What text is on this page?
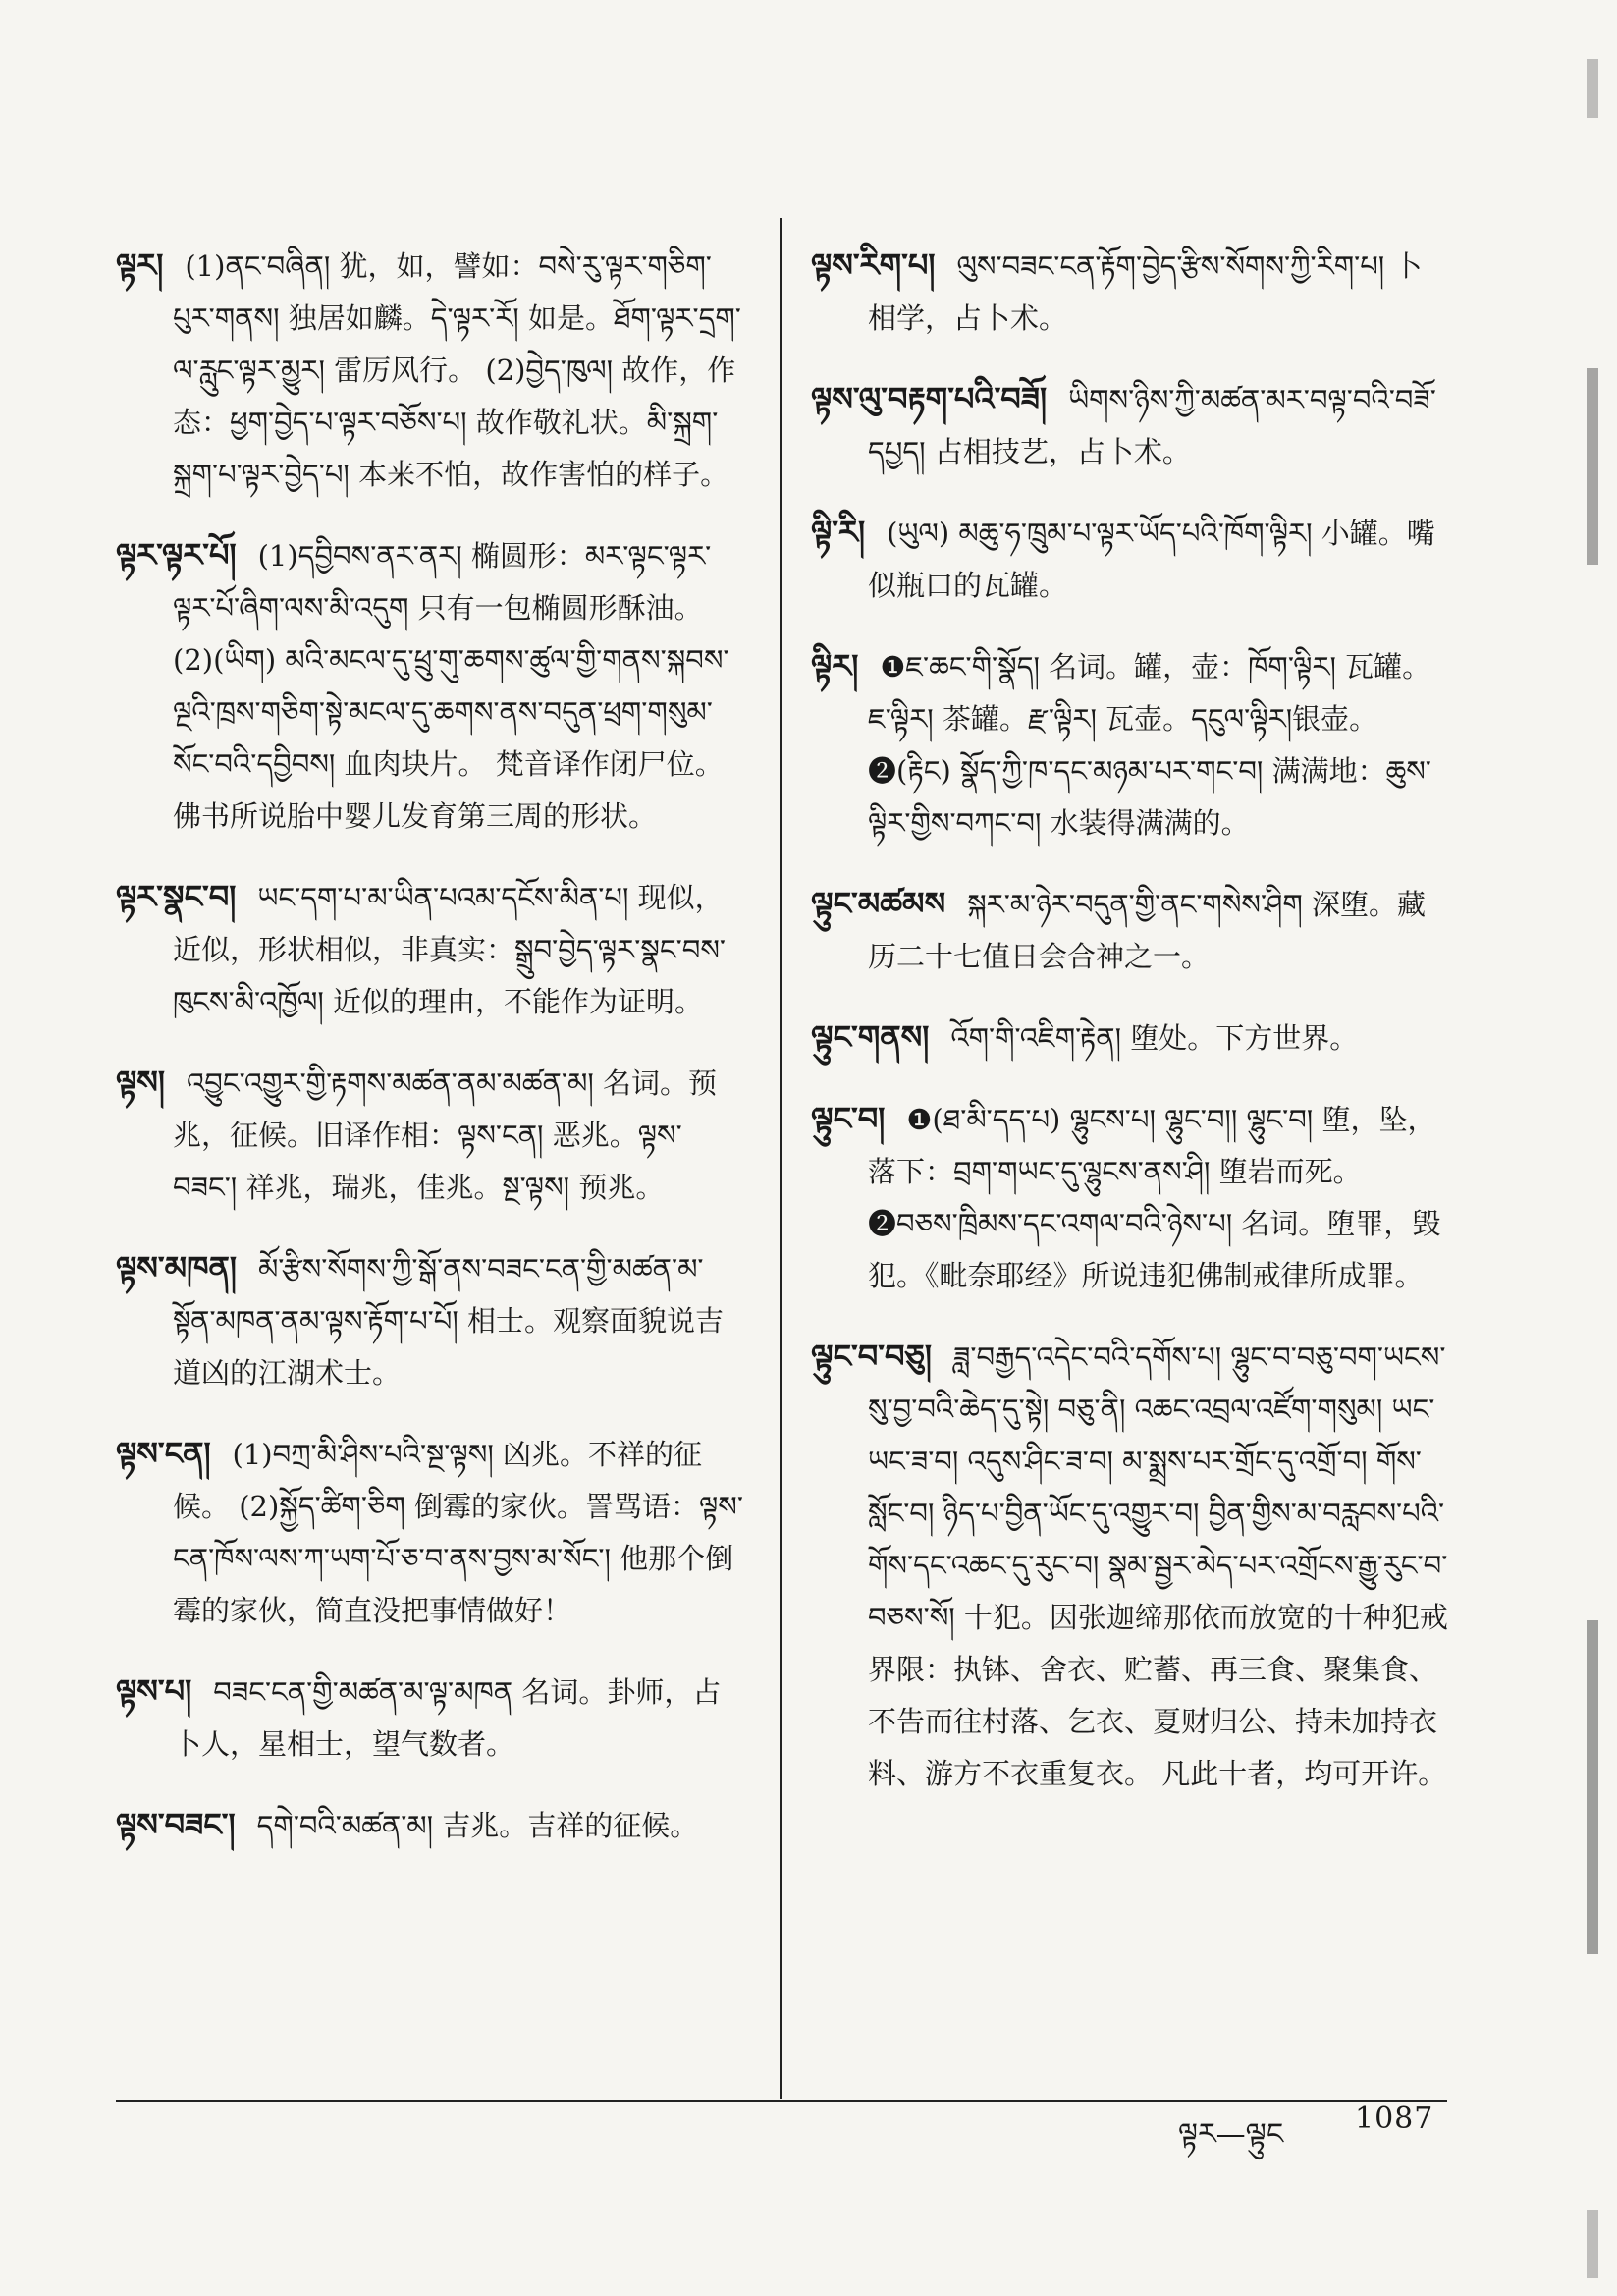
ལྟར། (1)ནང་བཞིན། 犹，如，譬如：བསེ་རུ་ལྟར་གཅིག་པུར་གནས། 独居如麟。དེ་ལྟར་རོ། 如是。ཐོག་ལྟར་དྲག་ལ་རླུང་ལྟར་མྱུར། 雷厉风行。 (2)བྱེད་ཁུལ། 故作，作态：ཕྱག་བྱེད་པ་ལྟར་བཅོས་པ། 故作敬礼状。མི་སྐྲག་སྐྲག་པ་ལྟར་བྱེད་པ། 本来不怕，故作害怕的样子。

ལྟར་ལྟར་པོ། (1)དབྱིབས་ནར་ནར། 椭圆形：མར་ལྟང་ལྟར་ལྟར་པོ་ཞིག་ལས་མི་འདུག 只有一包椭圆形酥油。 (2)(ཡིག) མའི་མངལ་དུ་ཕྲུ་གུ་ཆགས་ཚུལ་གྱི་གནས་སྐབས་ལྔའི་ཁྲས་གཅིག་སྟེ་མངལ་དུ་ཆགས་ནས་བདུན་ཕྲག་གསུམ་སོང་བའི་དབྱིབས། 血肉块片。 梵音译作闭尸位。 佛书所说胎中婴儿发育第三周的形状。

ལྟར་སྣང་བ། ཡང་དག་པ་མ་ཡིན་པའམ་དངོས་མིན་པ། 现似，近似，形状相似，非真实：སྒྲུབ་བྱེད་ལྟར་སྣང་བས་ཁུངས་མི་འཁྱོལ། 近似的理由，不能作为证明。

ལྟས། འབྱུང་འགྱུར་གྱི་རྟགས་མཚན་ནམ་མཚན་མ། 名词。预兆，征候。旧译作相：ལྟས་ངན། 恶兆。ལྟས་བཟང་། 祥兆，瑞兆，佳兆。སྔ་ལྟས། 预兆。

ལྟས་མཁན། མོ་རྩིས་སོགས་ཀྱི་སྒོ་ནས་བཟང་ངན་གྱི་མཚན་མ་སྟོན་མཁན་ནམ་ལྟས་རྟོག་པ་པོ། 相士。观察面貌说吉道凶的江湖术士。

ལྟས་ངན། (1)བཀྲ་མི་ཤིས་པའི་སྔ་ལྟས། 凶兆。不祥的征候。 (2)སྐྱོད་ཚིག་ཅིག 倒霉的家伙。詈骂语：ལྟས་ངན་ཁོས་ལས་ཀ་ཡག་པོ་ཅ་བ་ནས་བྱས་མ་སོང་། 他那个倒霉的家伙，简直没把事情做好！

ལྟས་པ། བཟང་ངན་གྱི་མཚན་མ་ལྟ་མཁན 名词。卦师，占卜人，星相士，望气数者。

ལྟས་བཟང་། དགེ་བའི་མཚན་མ། 吉兆。吉祥的征候。

ལྟས་རིག་པ། ལུས་བཟང་ངན་རྟོག་བྱེད་རྩིས་སོགས་ཀྱི་རིག་པ། 卜相学，占卜术。

ལྟས་ལུ་བརྟག་པའི་བཟོ། ཡིགས་ཉིས་ཀྱི་མཚན་མར་བལྟ་བའི་བཟོ་དཔྱད། 占相技艺，占卜术。

ལྟི་རི། (ཡུལ) མཆུ་ཧ་ཁྲུམ་པ་ལྟར་ཡོད་པའི་ཁོག་ལྟིར། 小罐。嘴似瓶口的瓦罐。

ལྟིར། ❶ཇ་ཆང་གི་སྣོད། 名词。罐，壶：ཁོག་ལྟིར། 瓦罐。ཇ་ལྟིར། 茶罐。རྫ་ལྟིར། 瓦壶。དངུལ་ལྟིར།银壶。❷(རྟིང) སྣོད་ཀྱི་ཁ་དང་མཉམ་པར་གང་བ། 满满地：ཆུས་ལྟིར་གྱིས་བཀང་བ། 水装得满满的。

ལྟུང་མཚམས སྐར་མ་ཉེར་བདུན་གྱི་ནང་གསེས་ཤིག 深堕。藏历二十七值日会合神之一。

ལྟུང་གནས། འོག་གི་འཇིག་རྟེན། 堕处。下方世界。

ལྟུང་བ། ❶(ཐ་མི་དད་པ) ལྷུངས་པ། ལྷུང་བ།། ལྷུང་བ། 堕，坠，落下：བྲག་གཡང་དུ་ལྷུངས་ནས་ཤི། 堕岩而死。❷བཅས་ཁྲིམས་དང་འགལ་བའི་ཉེས་པ། 名词。堕罪，毁犯。《毗奈耶经》所说违犯佛制戒律所成罪。

ལྟུང་བ་བཅུ། ཟླ་བརྒྱད་འདེང་བའི་དགོས་པ། ལྷུང་བ་བཅུ་བག་ཡངས་སུ་བྱ་བའི་ཆེད་དུ་སྟེ། བཅུ་ནི། འཆང་འབྲལ་འཛོག་གསུམ། ཡང་ཡང་ཟ་བ། འདུས་ཤིང་ཟ་བ། མ་སྨྲས་པར་གྲོང་དུ་འགྲོ་བ། གོས་སློང་བ། ཉིད་པ་བྱིན་ཡོང་དུ་འགྱུར་བ། བྱིན་གྱིས་མ་བརླབས་པའི་གོས་དང་འཆང་དུ་རུང་བ། སྣམ་སྦྱར་མེད་པར་འགྲོངས་རྒྱུ་རུང་བ་བཅས་སོ། 十犯。因张迦缔那依而放宽的十种犯戒界限：执钵、舍衣、贮蓄、再三食、聚集食、不告而往村落、乞衣、夏财归公、持未加持衣料、游方不衣重复衣。 凡此十者，均可开许。

ལྟར—ལྟུང 1087
